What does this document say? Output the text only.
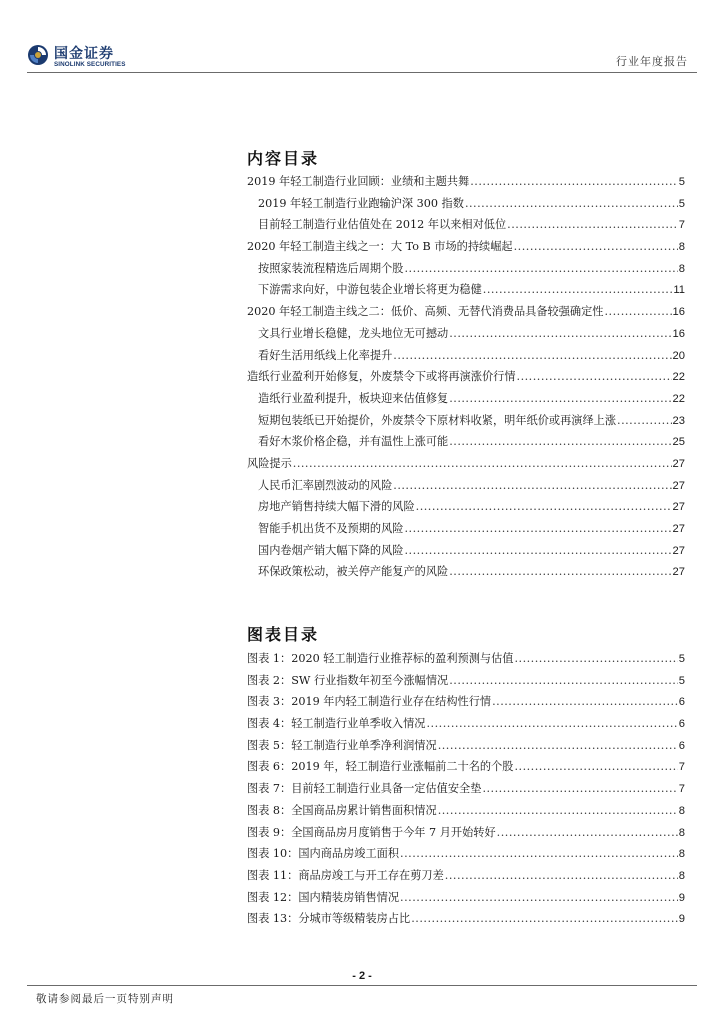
国金证券
SINOLINK SECURITIES	行业年度报告
内容目录
2019 年轻工制造行业回顾：业绩和主题共舞 .....	5
2019 年轻工制造行业跑输沪深 300 指数 .....	5
目前轻工制造行业估值处在 2012 年以来相对低位 .....	7
2020 年轻工制造主线之一：大 To B 市场的持续崛起 .....	8
按照家装流程精选后周期个股 .....	8
下游需求向好，中游包装企业增长将更为稳健 .....	11
2020 年轻工制造主线之二：低价、高频、无替代消费品具备较强确定性 .....	16
文具行业增长稳健，龙头地位无可撼动 .....	16
看好生活用纸线上化率提升 .....	20
造纸行业盈利开始修复，外废禁令下或将再演涨价行情 .....	22
造纸行业盈利提升，板块迎来估值修复 .....	22
短期包装纸已开始提价，外废禁令下原材料收紧，明年纸价或再演绎上涨 .....	23
看好木浆价格企稳，并有温性上涨可能 .....	25
风险提示 .....	27
人民币汇率剧烈波动的风险 .....	27
房地产销售持续大幅下滑的风险 .....	27
智能手机出货不及预期的风险 .....	27
国内卷烟产销大幅下降的风险 .....	27
环保政策松动，被关停产能复产的风险 .....	27
图表目录
图表 1：2020 轻工制造行业推荐标的盈利预测与估值 .....	5
图表 2：SW 行业指数年初至今涨幅情况 .....	5
图表 3：2019 年内轻工制造行业存在结构性行情 .....	6
图表 4：轻工制造行业单季收入情况 .....	6
图表 5：轻工制造行业单季净利润情况 .....	6
图表 6：2019 年，轻工制造行业涨幅前二十名的个股 .....	7
图表 7：目前轻工制造行业具备一定估值安全垫 .....	7
图表 8：全国商品房累计销售面积情况 .....	8
图表 9：全国商品房月度销售于今年 7 月开始转好 .....	8
图表 10：国内商品房竣工面积 .....	8
图表 11：商品房竣工与开工存在剪刀差 .....	8
图表 12：国内精装房销售情况 .....	9
图表 13：分城市等级精装房占比 .....	9
- 2 -
敬请参阅最后一页特别声明
